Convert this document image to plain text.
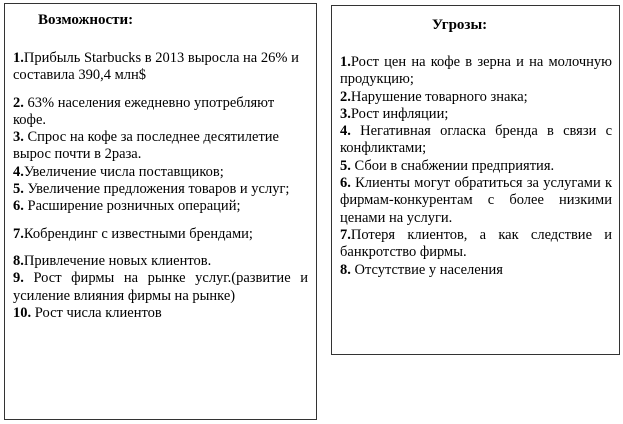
Возможности:
1.Прибыль Starbucks в 2013 выросла на 26% и составила 390,4 млн$
2. 63% населения ежедневно употребляют кофе.
3. Спрос на кофе за последнее десятилетие вырос почти в 2раза.
4.Увеличение числа поставщиков;
5. Увеличение предложения товаров и услуг;
6. Расширение розничных операций;
7.Кобрендинг с известными брендами;
8.Привлечение новых клиентов.
9. Рост фирмы на рынке услуг.(развитие и усиление влияния фирмы на рынке)
10. Рост числа клиентов
Угрозы:
1.Рост цен на кофе в зерна и на молочную продукцию;
2.Нарушение товарного знака;
3.Рост инфляции;
4. Негативная огласка бренда в связи с конфликтами;
5. Сбои в снабжении предприятия.
6. Клиенты могут обратиться за услугами к фирмам-конкурентам с более низкими ценами на услуги.
7.Потеря клиентов, а как следствие и банкротство фирмы.
8. Отсутствие у населения
